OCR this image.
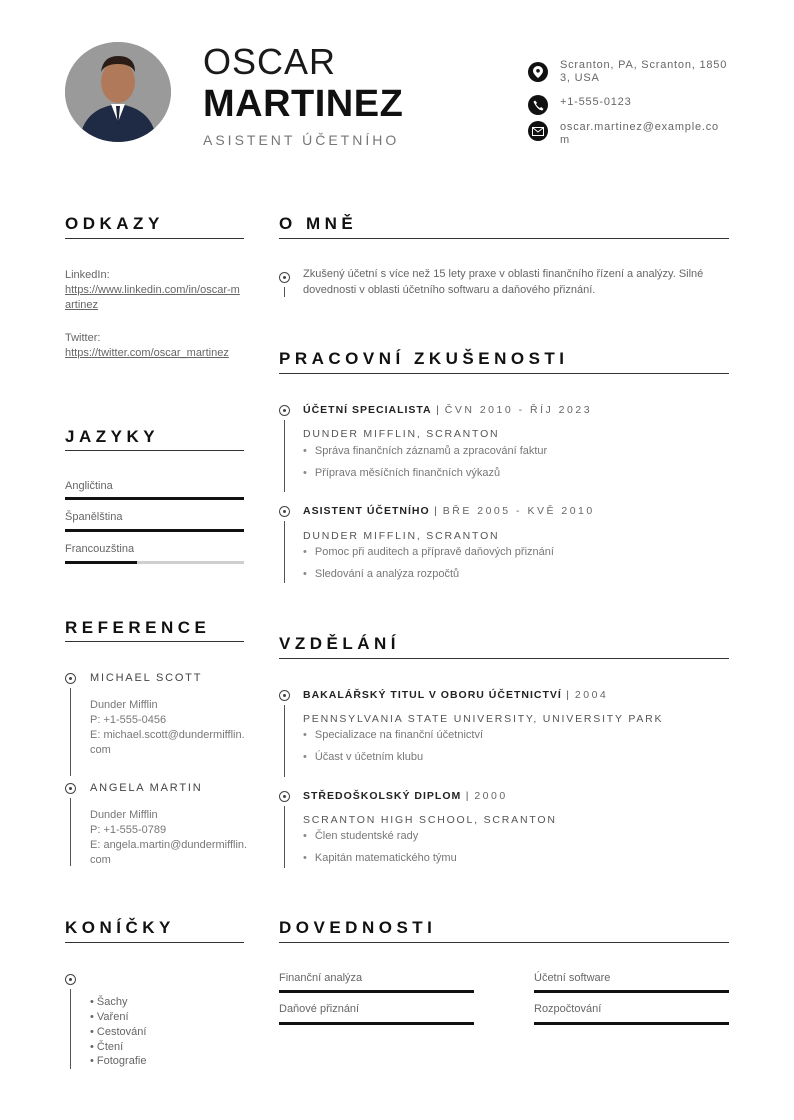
OSCAR
MARTINEZ
ASISTENT ÚČETNÍHO
Scranton, PA, Scranton, 18503, USA
+1-555-0123
oscar.martinez@example.com
ODKAZY
LinkedIn:
https://www.linkedin.com/in/oscar-martinez
Twitter:
https://twitter.com/oscar_martinez
JAZYKY
Angličtina
Španělština
Francouzština
REFERENCE
MICHAEL SCOTT
Dunder Mifflin
P: +1-555-0456
E: michael.scott@dundermifflin.com
ANGELA MARTIN
Dunder Mifflin
P: +1-555-0789
E: angela.martin@dundermifflin.com
KONÍČKY
• Šachy
• Vaření
• Cestování
• Čtení
• Fotografie
O MNĚ
Zkušený účetní s více než 15 lety praxe v oblasti finančního řízení a analýzy. Silné dovednosti v oblasti účetního softwaru a daňového přiznání.
PRACOVNÍ ZKUŠENOSTI
ÚČETNÍ SPECIALISTA | ČVN 2010 - ŘÍJ 2023
DUNDER MIFFLIN, SCRANTON
• Správa finančních záznamů a zpracování faktur
• Příprava měsíčních finančních výkazů
ASISTENT ÚČETNÍHO | BŘE 2005 - KVĚ 2010
DUNDER MIFFLIN, SCRANTON
• Pomoc při auditech a přípravě daňových přiznání
• Sledování a analýza rozpočtů
VZDĚLÁNÍ
BAKALÁŘSKÝ TITUL V OBORU ÚČETNICTVÍ | 2004
PENNSYLVANIA STATE UNIVERSITY, UNIVERSITY PARK
• Specializace na finanční účetnictví
• Účast v účetním klubu
STŘEDOŠKOLSKÝ DIPLOM | 2000
SCRANTON HIGH SCHOOL, SCRANTON
• Člen studentské rady
• Kapitán matematického týmu
DOVEDNOSTI
Finanční analýza	Účetní software
Daňové přiznání	Rozpočtování
